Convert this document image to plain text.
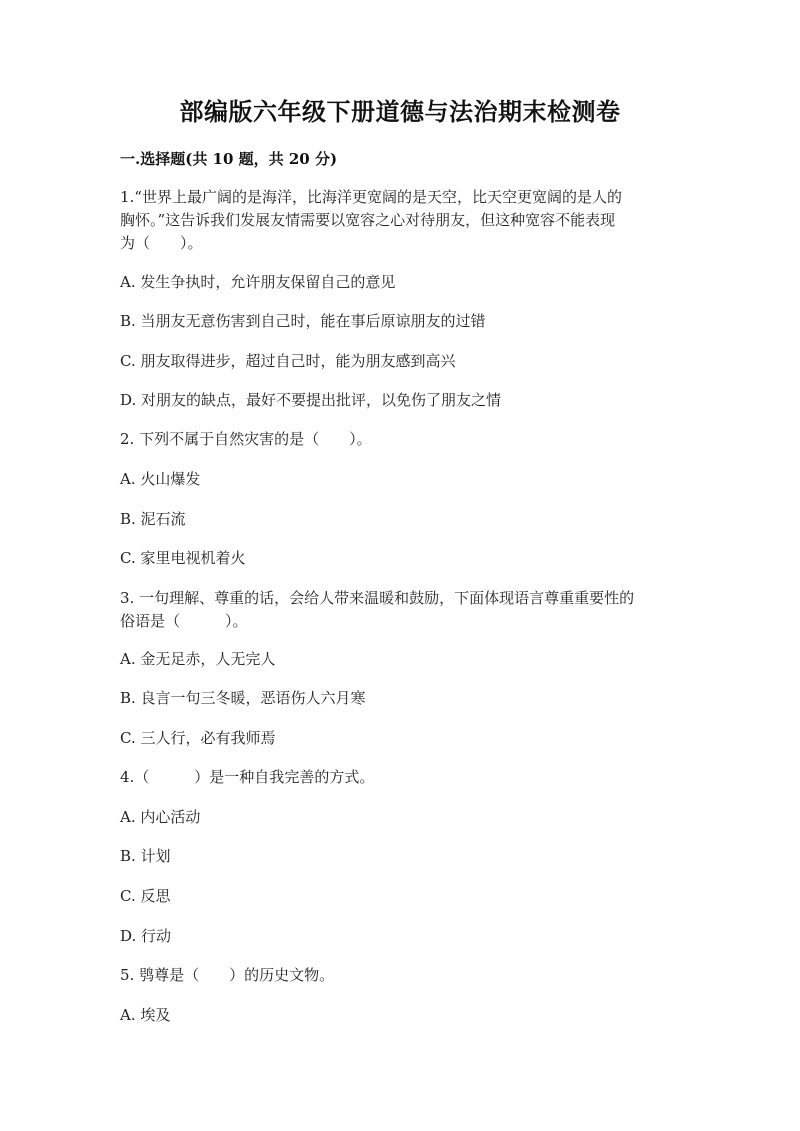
部编版六年级下册道德与法治期末检测卷
一.选择题(共 10 题，共 20 分)
1.“世界上最广阔的是海洋，比海洋更宽阔的是天空，比天空更宽阔的是人的
胸怀。”这告诉我们发展友情需要以宽容之心对待朋友，但这种宽容不能表现
为（　　）。
A. 发生争执时，允许朋友保留自己的意见
B. 当朋友无意伤害到自己时，能在事后原谅朋友的过错
C. 朋友取得进步，超过自己时，能为朋友感到高兴
D. 对朋友的缺点，最好不要提出批评，以免伤了朋友之情
2. 下列不属于自然灾害的是（　　）。
A. 火山爆发
B. 泥石流
C. 家里电视机着火
3. 一句理解、尊重的话，会给人带来温暖和鼓励，下面体现语言尊重重要性的
俗语是（　　　）。
A. 金无足赤，人无完人
B. 良言一句三冬暖，恶语伤人六月寒
C. 三人行，必有我师焉
4.（　　　）是一种自我完善的方式。
A. 内心活动
B. 计划
C. 反思
D. 行动
5. 鸮尊是（　　）的历史文物。
A. 埃及
